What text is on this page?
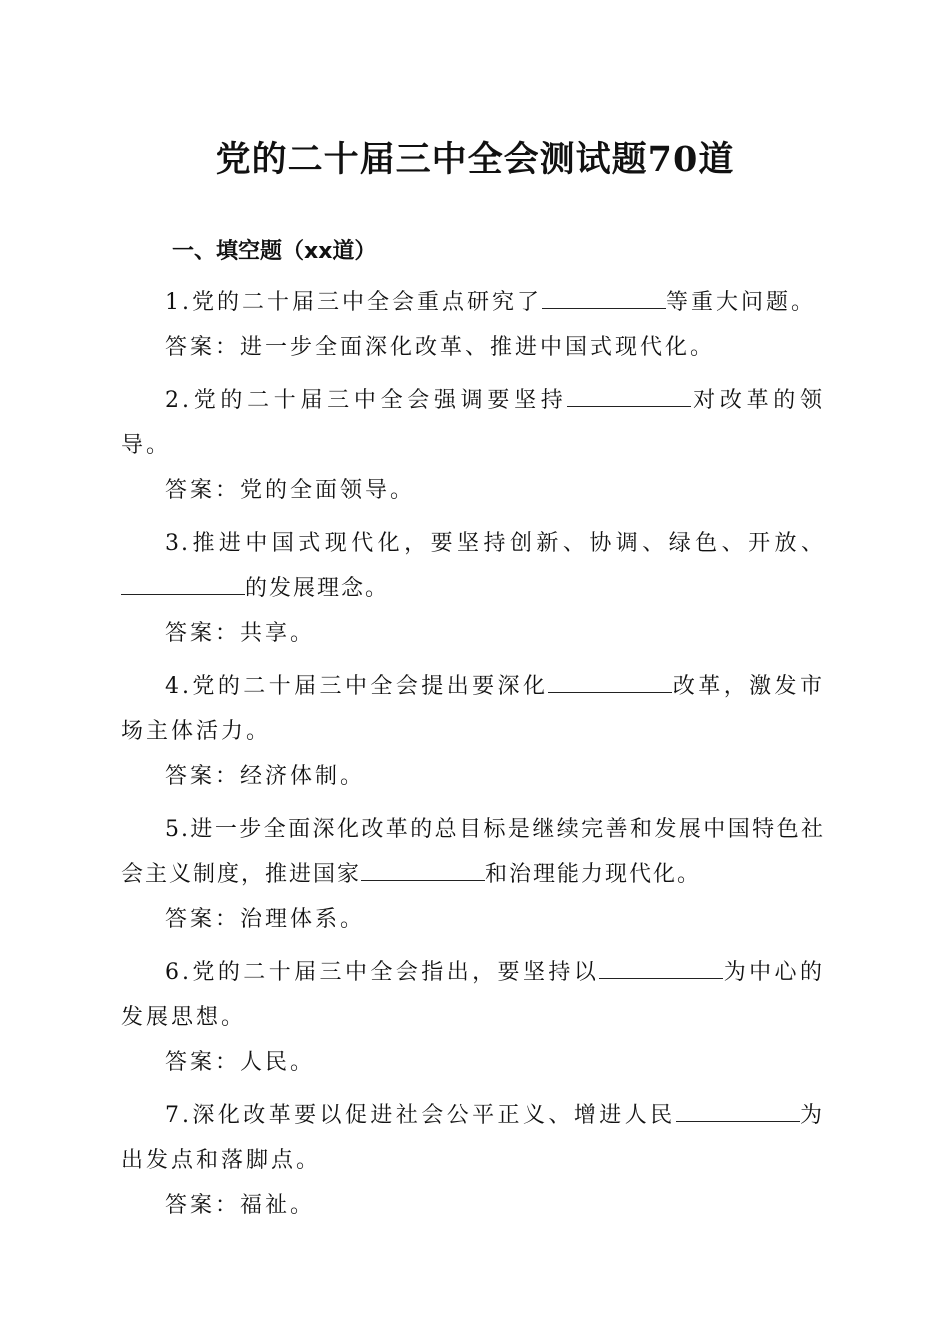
党的二十届三中全会测试题70道
一、填空题（xx道）

1.党的二十届三中全会重点研究了	等重大问题。

答案：进一步全面深化改革、推进中国式现代化。

2.党的二十届三中全会强调要坚持	对改革的领导。

答案：党的全面领导。

3.推进中国式现代化，要坚持创新、协调、绿色、开放、的发展理念。

答案：共享。

4.党的二十届三中全会提出要深化	改革，激发市场主体活力。

答案：经济体制。

5.进一步全面深化改革的总目标是继续完善和发展中国特色社会主义制度，推进国家	和治理能力现代化。

答案：治理体系。

6.党的二十届三中全会指出，要坚持以	为中心的发展思想。

答案：人民。

7.深化改革要以促进社会公平正义、增进人民	为出发点和落脚点。

答案：福祉。
